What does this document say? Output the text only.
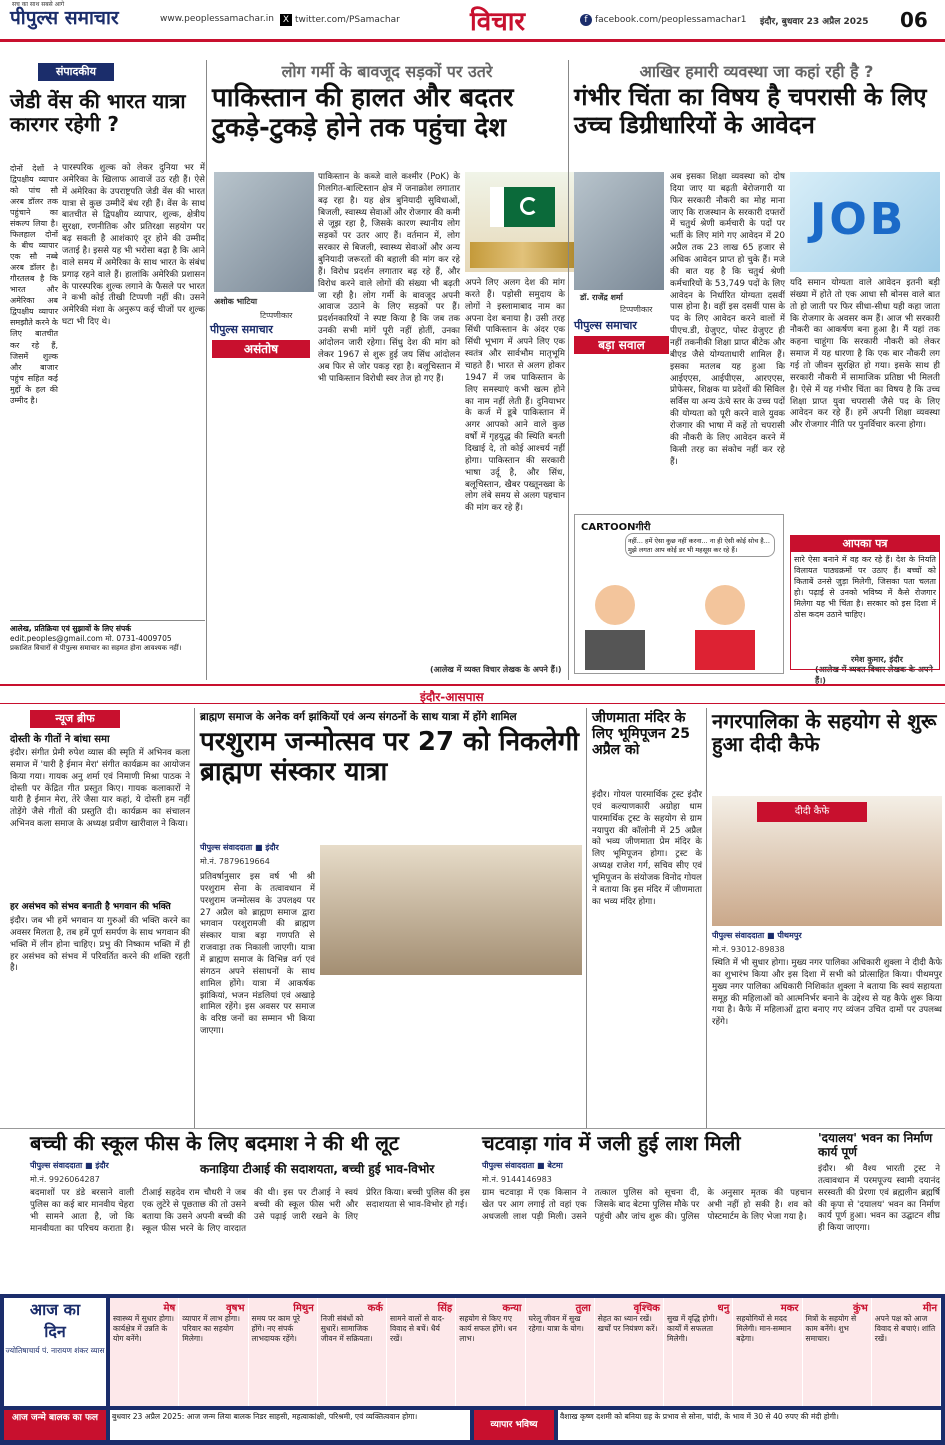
पीपुल्स समाचार
सच का साथ सबसे आगे
www.peoplessamachar.in	X twitter.com/PSamachar	विचार	f facebook.com/peoplessamachar1 इंदौर, बुधवार 23 अप्रैल 2025 06
संपादकीय
जेडी वेंस की भारत यात्रा कारगर रहेगी ?
पारस्परिक शुल्क को लेकर दुनिया भर में अमेरिका के खिलाफ आवाजें उठ रही हैं। ऐसे में अमेरिका के उपराष्ट्रपति जेडी वेंस की भारत यात्रा से कुछ उम्मीदें बंध रही हैं। वेंस के साथ बातचीत से द्विपक्षीय व्यापार, शुल्क, क्षेत्रीय सुरक्षा, रणनीतिक और प्रतिरक्षा सहयोग पर बढ़ सकती है आशंकाएं दूर होने की उम्मीद जताई है। इससे यह भी भरोसा बढ़ा है कि आने वाले समय में अमेरिका के साथ भारत के संबंध प्रगाढ़ रहने वाले हैं। हालांकि अमेरिकी प्रशासन के पारस्परिक शुल्क लगाने के फैसले पर भारत ने कभी कोई तीखी टिप्पणी नहीं की। उसने अमेरिकी मंशा के अनुरूप कई चीजों पर शुल्क घटा भी दिए थे।
दोनों देशों ने द्विपक्षीय व्यापार को पांच सौ अरब डॉलर तक पहुंचाने का संकल्प लिया है। फिलहाल दोनों के बीच व्यापार एक सौ नब्बे अरब डॉलर है। गौरतलब है कि भारत और अमेरिका अब द्विपक्षीय व्यापार समझौते करने के लिए बातचीत कर रहे हैं, जिसमें शुल्क और बाजार पहुंच सहित कई मुद्दों के हल की उम्मीद है।
आलेख, प्रतिक्रिया एवं सुझावों के लिए संपर्क
edit.peoples@gmail.com मो. 0731-4009705
प्रकाशित विचारों से पीपुल्स समाचार का सहमत होना आवश्यक नहीं।
लोग गर्मी के बावजूद सड़कों पर उतरे
पाकिस्तान की हालत और बदतर टुकड़े-टुकड़े होने तक पहुंचा देश
अशोक भाटिया
टिप्पणीकार
पीपुल्स समाचार
असंतोष
पाकिस्तान के कब्जे वाले कश्मीर (PoK) के गिलगित-बाल्टिस्तान क्षेत्र में जनाक्रोश लगातार बढ़ रहा है। यह क्षेत्र बुनियादी सुविधाओं, बिजली, स्वास्थ्य सेवाओं और रोजगार की कमी से जूझ रहा है, जिसके कारण स्थानीय लोग सड़कों पर उतर आए हैं। वर्तमान में, लोग सरकार से बिजली, स्वास्थ्य सेवाओं और अन्य बुनियादी जरूरतों की बहाली की मांग कर रहे हैं। विरोध प्रदर्शन लगातार बढ़ रहे हैं, और विरोध करने वाले लोगों की संख्या भी बढ़ती जा रही है। लोग गर्मी के बावजूद अपनी आवाज उठाने के लिए सड़कों पर हैं। प्रदर्शनकारियों ने स्पष्ट किया है कि जब तक उनकी सभी मांगें पूरी नहीं होतीं, उनका आंदोलन जारी रहेगा। सिंधु देश की मांग को लेकर 1967 से शुरू हुई जय सिंध आंदोलन अब फिर से जोर पकड़ रहा है। बलूचिस्तान में भी पाकिस्तान विरोधी स्वर तेज हो गए हैं।
अपने लिए अलग देश की मांग करते हैं। पड़ोसी समुदाय के लोगों ने इस्लामाबाद नाम का अपना देश बनाया है। उसी तरह सिंधी पाकिस्तान के अंदर एक सिंधी भूभाग में अपने लिए एक स्वतंत्र और सार्वभौम मातृभूमि चाहते हैं। भारत से अलग होकर 1947 में जब पाकिस्तान के लिए समस्याएं कभी खत्म होने का नाम नहीं लेती हैं। दुनियाभर के कर्ज में डूबे पाकिस्तान में अगर आपको आने वाले कुछ वर्षों में गृहयुद्ध की स्थिति बनती दिखाई दे, तो कोई आश्चर्य नहीं होगा। पाकिस्तान की सरकारी भाषा उर्दू है, और सिंध, बलूचिस्तान, खैबर पख्तूनख्वा के लोग लंबे समय से अलग पहचान की मांग कर रहे हैं।
(आलेख में व्यक्त विचार लेखक के अपने हैं।)
आखिर हमारी व्यवस्था जा कहां रही है ?
गंभीर चिंता का विषय है चपरासी के लिए उच्च डिग्रीधारियों के आवेदन
डॉ. राजेंद्र शर्मा
टिप्पणीकार
पीपुल्स समाचार
बड़ा सवाल
अब इसका शिक्षा व्यवस्था को दोष दिया जाए या बढ़ती बेरोजगारी या फिर सरकारी नौकरी का मोह माना जाए कि राजस्थान के सरकारी दफ्तरों में चतुर्थ श्रेणी कर्मचारी के पदों पर भर्ती के लिए मांगे गए आवेदन में 20 अप्रैल तक 23 लाख 65 हजार से अधिक आवेदन प्राप्त हो चुके हैं। मजे की बात यह है कि चतुर्थ श्रेणी कर्मचारियों के 53,749 पदों के लिए आवेदन के निर्धारित योग्यता दसवीं पास होना है। वहीं इस दसवीं पास के पद के लिए आवेदन करने वालों में पीएच.डी, ग्रेजुएट, पोस्ट ग्रेजुएट ही नहीं तकनीकी शिक्षा प्राप्त बीटेक और बीएड जैसे योग्यताधारी शामिल हैं। इसका मतलब यह हुआ कि आईएएस, आईपीएस, आरएएस, प्रोफेसर, शिक्षक या प्रदेशों की सिविल सर्विस या अन्य ऊंचे स्तर के उच्च पदों की योग्यता को पूरी करने वाले युवक रोजगार की भाषा में कहें तो चपरासी की नौकरी के लिए आवेदन करने में किसी तरह का संकोच नहीं कर रहे हैं।
JOB
यदि समान योग्यता वाले आवेदन इतनी बड़ी संख्या में होते तो एक आधा सौ बोनस वाले बात तो हो जाती पर फिर सीधा-सीधा यही कहा जाता कि रोजगार के अवसर कम हैं। आज भी सरकारी नौकरी का आकर्षण बना हुआ है। मैं यहां तक कहना चाहूंगा कि सरकारी नौकरी को लेकर समाज में यह धारणा है कि एक बार नौकरी लग गई तो जीवन सुरक्षित हो गया। इसके साथ ही सरकारी नौकरी में सामाजिक प्रतिष्ठा भी मिलती है। ऐसे में यह गंभीर चिंता का विषय है कि उच्च शिक्षा प्राप्त युवा चपरासी जैसे पद के लिए आवेदन कर रहे हैं। हमें अपनी शिक्षा व्यवस्था और रोजगार नीति पर पुनर्विचार करना होगा।
(आलेख में व्यक्त विचार लेखक के अपने हैं।)
CARTOONगीरी
नहीं... हमें ऐसा कुछ नहीं करना... ना ही ऐसी कोई सोच है... मुझे लगता आप कोई डर भी महसूस कर रहे हैं।	आपका पत्र
सारे ऐसा बनाने में वह कर रहे हैं। देश के नियति विलायत पाठ्यक्रमों पर उठाए हैं। बच्चों को किताबें उनसे जुड़ा मिलेगी, जिसका पता चलता हो। पढ़ाई से उनको भविष्य में कैसे रोजगार मिलेगा यह भी चिंता है। सरकार को इस दिशा में ठोस कदम उठाने चाहिए।
रमेश कुमार, इंदौर
इंदौर-आसपास
न्यूज ब्रीफ
दोस्ती के गीतों ने बांधा समा
इंदौर। संगीत प्रेमी रुपेश व्यास की स्मृति में अभिनव कला समाज में 'यारी है ईमान मेरा' संगीत कार्यक्रम का आयोजन किया गया। गायक अनु शर्मा एवं निमाणी मिश्रा पाठक ने दोस्ती पर केंद्रित गीत प्रस्तुत किए। गायक कलाकारों ने यारी है ईमान मेरा, तेरे जैसा यार कहां, ये दोस्ती हम नहीं तोड़ेंगे जैसे गीतों की प्रस्तुति दी। कार्यक्रम का संचालन अभिनव कला समाज के अध्यक्ष प्रवीण खारीवाल ने किया।
हर असंभव को संभव बनाती है भगवान की भक्ति
इंदौर। जब भी हमें भगवान या गुरुओं की भक्ति करने का अवसर मिलता है, तब हमें पूर्ण समर्पण के साथ भगवान की भक्ति में लीन होना चाहिए। प्रभु की निष्काम भक्ति में ही हर असंभव को संभव में परिवर्तित करने की शक्ति रहती है।
ब्राह्मण समाज के अनेक वर्ग झांकियों एवं अन्य संगठनों के साथ यात्रा में होंगे शामिल
परशुराम जन्मोत्सव पर 27 को निकलेगी ब्राह्मण संस्कार यात्रा
पीपुल्स संवाददाता ■ इंदौर
मो.नं. 7879619664
प्रतिवर्षानुसार इस वर्ष भी श्री परशुराम सेना के तत्वावधान में परशुराम जन्मोत्सव के उपलक्ष्य पर 27 अप्रैल को ब्राह्मण समाज द्वारा भगवान परशुरामजी की ब्राह्मण संस्कार यात्रा बड़ा गणपति से राजवाड़ा तक निकाली जाएगी। यात्रा में ब्राह्मण समाज के विभिन्न वर्ग एवं संगठन अपने संसाधनों के साथ शामिल होंगे। यात्रा में आकर्षक झांकियां, भजन मंडलियां एवं अखाड़े शामिल रहेंगे। इस अवसर पर समाज के वरिष्ठ जनों का सम्मान भी किया जाएगा।
जीणमाता मंदिर के लिए भूमिपूजन 25 अप्रैल को
इंदौर। गोयल पारमार्थिक ट्रस्ट इंदौर एवं कल्याणकारी अग्रोहा धाम पारमार्थिक ट्रस्ट के सहयोग से ग्राम नयापुरा की कॉलोनी में 25 अप्रैल को भव्य जीणमाता प्रेम मंदिर के लिए भूमिपूजन होगा। ट्रस्ट के अध्यक्ष राजेश गर्ग, सचिव सीए एवं भूमिपूजन के संयोजक विनोद गोयल ने बताया कि इस मंदिर में जीणमाता का भव्य मंदिर होगा।
नगरपालिका के सहयोग से शुरू हुआ दीदी कैफे
दीदी कैफे
पीपुल्स संवाददाता ■ पीथमपुर
मो.नं. 93012-89838
स्थिति में भी सुधार होगा। मुख्य नगर पालिका अधिकारी शुक्ला ने दीदी कैफे का शुभारंभ किया और इस दिशा में सभी को प्रोत्साहित किया। पीथमपुर मुख्य नगर पालिका अधिकारी निशिकांत शुक्ला ने बताया कि स्वयं सहायता समूह की महिलाओं को आत्मनिर्भर बनाने के उद्देश्य से यह कैफे शुरू किया गया है। कैफे में महिलाओं द्वारा बनाए गए व्यंजन उचित दामों पर उपलब्ध रहेंगे।
बच्ची की स्कूल फीस के लिए बदमाश ने की थी लूट
कनाड़िया टीआई की सदाशयता, बच्ची हुई भाव-विभोर
पीपुल्स संवाददाता ■ इंदौर
मो.नं. 9926064287
बदमाशों पर डंडे बरसाने वाली पुलिस का कई बार मानवीय चेहरा भी सामने आता है, जो कि मानवीयता का परिचय कराता है। टीआई सहदेव राम चौधरी ने जब एक लुटेरे से पूछताछ की तो उसने बताया कि उसने अपनी बच्ची की स्कूल फीस भरने के लिए वारदात की थी। इस पर टीआई ने स्वयं बच्ची की स्कूल फीस भरी और उसे पढ़ाई जारी रखने के लिए प्रेरित किया। बच्ची पुलिस की इस सदाशयता से भाव-विभोर हो गई।
चटवाड़ा गांव में जली हुई लाश मिली
पीपुल्स संवाददाता ■ बेटमा
मो.नं. 9144146983
ग्राम चटवाड़ा में एक किसान ने खेत पर आग लगाई तो वहां एक अधजली लाश पड़ी मिली। उसने तत्काल पुलिस को सूचना दी, जिसके बाद बेटमा पुलिस मौके पर पहुंची और जांच शुरू की। पुलिस के अनुसार मृतक की पहचान अभी नहीं हो सकी है। शव को पोस्टमार्टम के लिए भेजा गया है।
'दयालय' भवन का निर्माण कार्य पूर्ण
इंदौर। श्री वैश्य भारती ट्रस्ट ने तत्वावधान में परमपूज्य स्वामी दयानंद सरस्वती की प्रेरणा एवं ब्रह्मलीन ब्रह्मर्षि की कृपा से 'दयालय' भवन का निर्माण कार्य पूर्ण हुआ। भवन का उद्घाटन शीघ्र ही किया जाएगा।
आज का
दिन
ज्योतिषाचार्य पं. नारायण शंकर व्यास
मेष
स्वास्थ्य में सुधार होगा। कार्यक्षेत्र में उन्नति के योग बनेंगे।
वृषभ
व्यापार में लाभ होगा। परिवार का सहयोग मिलेगा।
मिथुन
समय पर काम पूरे होंगे। नए संपर्क लाभदायक रहेंगे।
कर्क
निजी संबंधों को सुधारें। सामाजिक जीवन में सक्रियता।
सिंह
सामने वालों से वाद-विवाद से बचें। धैर्य रखें।
कन्या
सहयोग से किए गए कार्य सफल होंगे। धन लाभ।
तुला
घरेलू जीवन में सुख रहेगा। यात्रा के योग।
वृश्चिक
सेहत का ध्यान रखें। खर्चों पर नियंत्रण करें।
धनु
सुख में वृद्धि होगी। कार्यों में सफलता मिलेगी।
मकर
सहयोगियों से मदद मिलेगी। मान-सम्मान बढ़ेगा।
कुंभ
मित्रों के सहयोग से काम बनेंगे। शुभ समाचार।
मीन
अपने पक्ष को आज विवाद से बचाएं। शांति रखें।
आज जन्मे बालक का फल	बुधवार 23 अप्रैल 2025: आज जन्म लिया बालक निडर साहसी, महत्वाकांक्षी, परिश्रमी, एवं व्यक्तित्ववान होगा।
व्यापार भविष्य
वैशाख कृष्ण दशमी को बनिया ग्रह के प्रभाव से सोना, चांदी, के भाव में 30 से 40 रुपए की मंदी होगी।
